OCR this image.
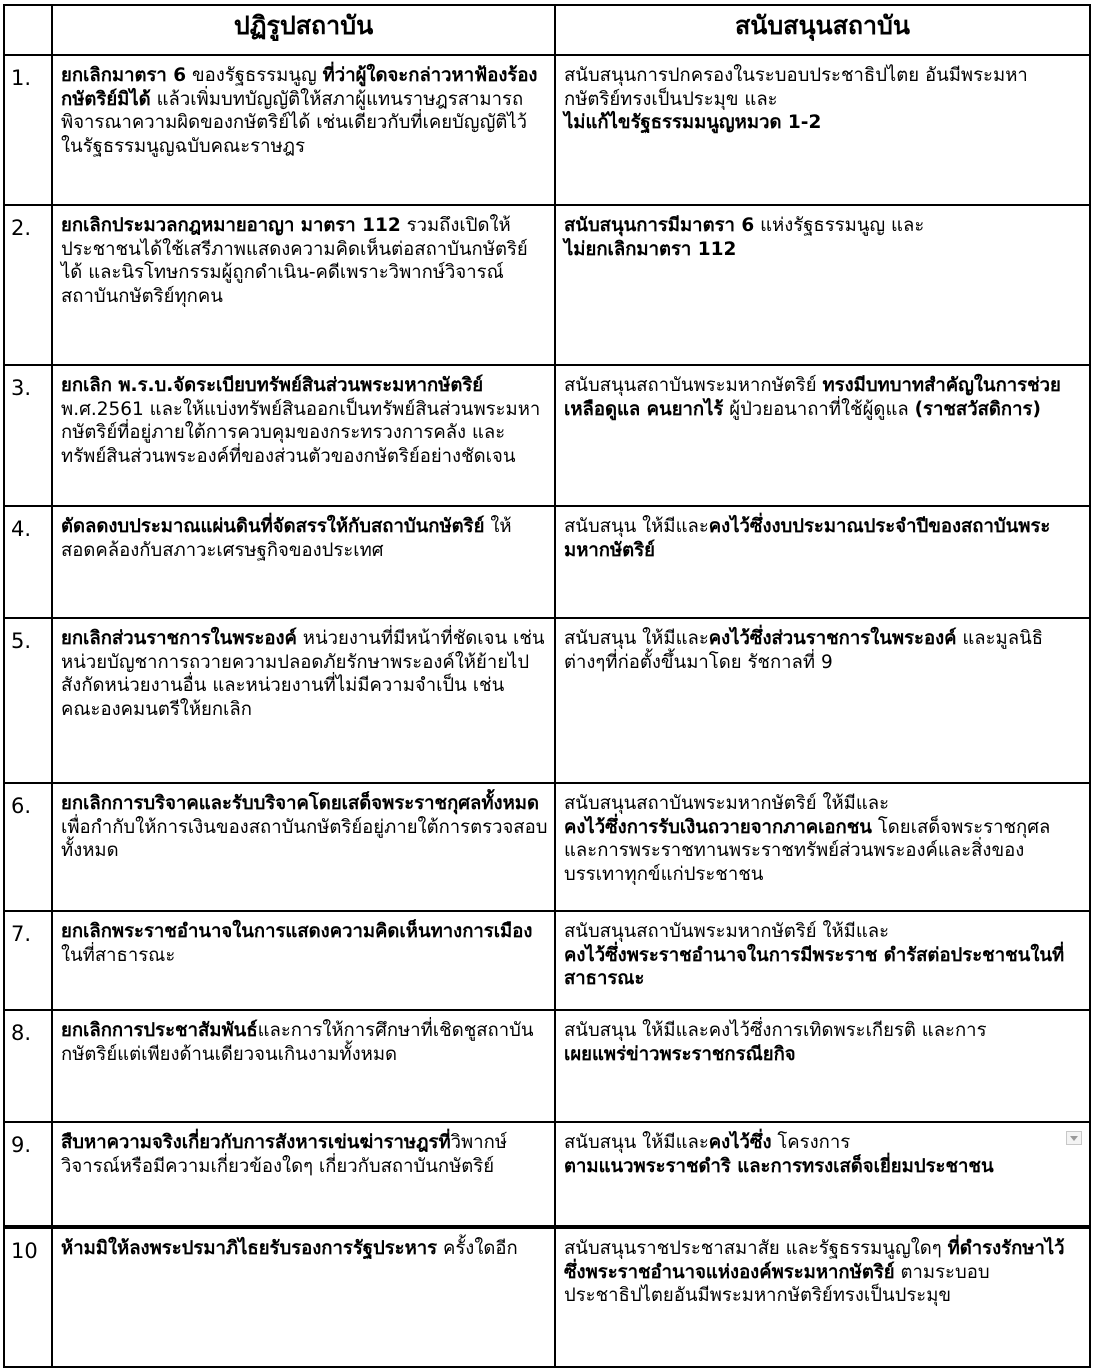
	ปฏิรูปสถาบัน	สนับสนุนสถาบัน
1.	ยกเลิกมาตรา 6 ของรัฐธรรมนูญ ที่ว่าผู้ใดจะกล่าวหาฟ้องร้องกษัตริย์มิได้ แล้วเพิ่มบทบัญญัติให้สภาผู้แทนราษฎรสามารถพิจารณาความผิดของกษัตริย์ได้ เช่นเดียวกับที่เคยบัญญัติไว้ในรัฐธรรมนูญฉบับคณะราษฎร	สนับสนุนการปกครองในระบอบประชาธิปไตย อันมีพระมหากษัตริย์ทรงเป็นประมุข และ
ไม่แก้ไขรัฐธรรมมนูญหมวด 1-2
2.	ยกเลิกประมวลกฎหมายอาญา มาตรา 112 รวมถึงเปิดให้ประชาชนได้ใช้เสรีภาพแสดงความคิดเห็นต่อสถาบันกษัตริย์ได้ และนิรโทษกรรมผู้ถูกดำเนิน-คดีเพราะวิพากษ์วิจารณ์สถาบันกษัตริย์ทุกคน	สนับสนุนการมีมาตรา 6 แห่งรัฐธรรมนูญ และ
ไม่ยกเลิกมาตรา 112
3.	ยกเลิก พ.ร.บ.จัดระเบียบทรัพย์สินส่วนพระมหากษัตริย์ พ.ศ.2561 และให้แบ่งทรัพย์สินออกเป็นทรัพย์สินส่วนพระมหากษัตริย์ที่อยู่ภายใต้การควบคุมของกระทรวงการคลัง และทรัพย์สินส่วนพระองค์ที่ของส่วนตัวของกษัตริย์อย่างชัดเจน	สนับสนุนสถาบันพระมหากษัตริย์ ทรงมีบทบาทสำคัญในการช่วยเหลือดูแล คนยากไร้ ผู้ป่วยอนาถาที่ใช้ผู้ดูแล (ราชสวัสดิการ)
4.	ตัดลดงบประมาณแผ่นดินที่จัดสรรให้กับสถาบันกษัตริย์ ให้สอดคล้องกับสภาวะเศรษฐกิจของประเทศ	สนับสนุน ให้มีและคงไว้ซึ่งงบประมาณประจำปีของสถาบันพระมหากษัตริย์
5.	ยกเลิกส่วนราชการในพระองค์ หน่วยงานที่มีหน้าที่ชัดเจน เช่น หน่วยบัญชาการถวายความปลอดภัยรักษาพระองค์ให้ย้ายไปสังกัดหน่วยงานอื่น และหน่วยงานที่ไม่มีความจำเป็น เช่น คณะองคมนตรีให้ยกเลิก	สนับสนุน ให้มีและคงไว้ซึ่งส่วนราชการในพระองค์ และมูลนิธิต่างๆที่ก่อตั้งขึ้นมาโดย รัชกาลที่ 9
6.	ยกเลิกการบริจาคและรับบริจาคโดยเสด็จพระราชกุศลทั้งหมด เพื่อกำกับให้การเงินของสถาบันกษัตริย์อยู่ภายใต้การตรวจสอบทั้งหมด	สนับสนุนสถาบันพระมหากษัตริย์ ให้มีและ
คงไว้ซึ่งการรับเงินถวายจากภาคเอกชน โดยเสด็จพระราชกุศล และการพระราชทานพระราชทรัพย์ส่วนพระองค์และสิ่งของ บรรเทาทุกข์แก่ประชาชน
7.	ยกเลิกพระราชอำนาจในการแสดงความคิดเห็นทางการเมือง ในที่สาธารณะ	สนับสนุนสถาบันพระมหากษัตริย์ ให้มีและ
คงไว้ซึ่งพระราชอำนาจในการมีพระราช ดำรัสต่อประชาชนในที่สาธารณะ
8.	ยกเลิกการประชาสัมพันธ์และการให้การศึกษาที่เชิดชูสถาบันกษัตริย์แต่เพียงด้านเดียวจนเกินงามทั้งหมด	สนับสนุน ให้มีและคงไว้ซึ่งการเทิดพระเกียรติ และการ
เผยแพร่ข่าวพระราชกรณียกิจ
9.	สืบหาความจริงเกี่ยวกับการสังหารเข่นฆ่าราษฎรที่วิพากษ์วิจารณ์หรือมีความเกี่ยวข้องใดๆ เกี่ยวกับสถาบันกษัตริย์	สนับสนุน ให้มีและคงไว้ซึ่ง โครงการ
ตามแนวพระราชดำริ และการทรงเสด็จเยี่ยมประชาชน
10	ห้ามมิให้ลงพระปรมาภิไธยรับรองการรัฐประหาร ครั้งใดอีก	สนับสนุนราชประชาสมาสัย และรัฐธรรมนูญใดๆ ที่ดำรงรักษาไว้ซึ่งพระราชอำนาจแห่งองค์พระมหากษัตริย์ ตามระบอบประชาธิปไตยอันมีพระมหากษัตริย์ทรงเป็นประมุข
